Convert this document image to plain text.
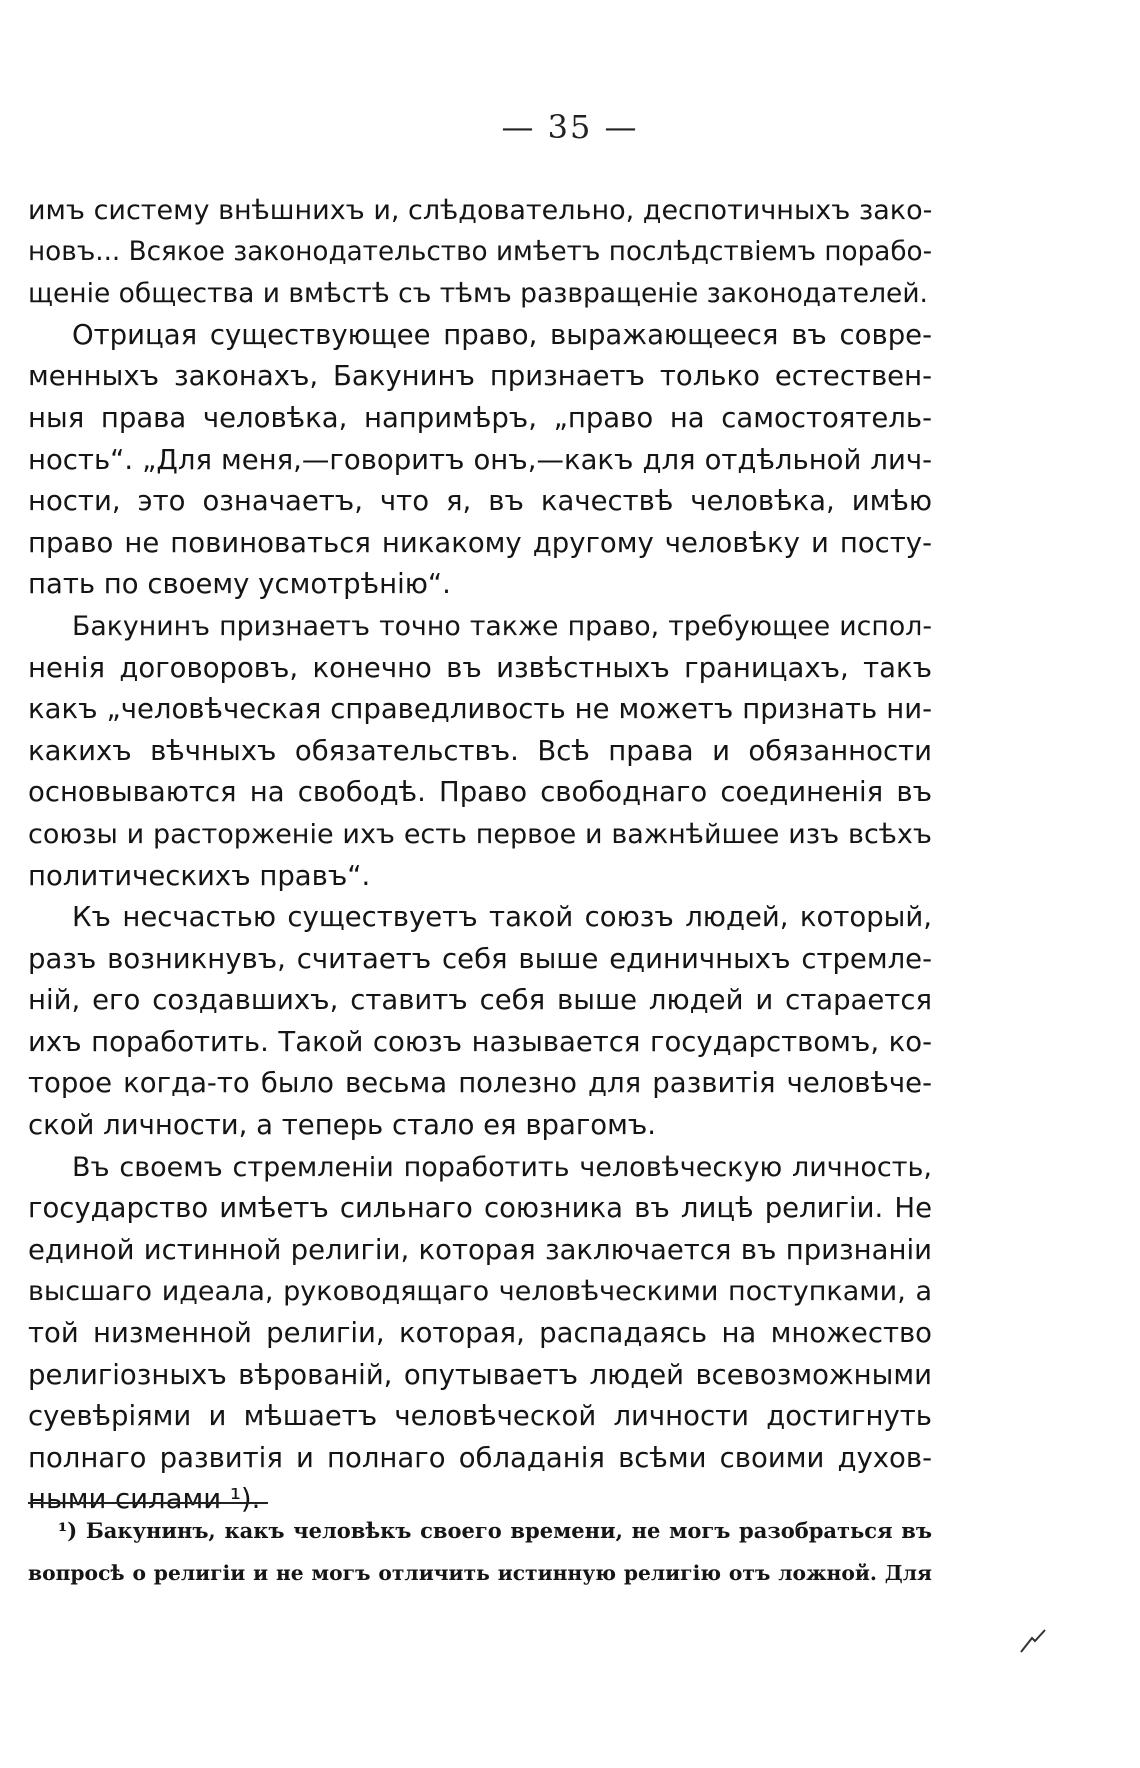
— 35 —
имъ систему внѣшнихъ и, слѣдовательно, деспотичныхъ зако-
новъ... Всякое законодательство имѣетъ послѣдствіемъ порабо-
щеніе общества и вмѣстѣ съ тѣмъ развращеніе законодателей.
Отрицая существующее право, выражающееся въ совре-
менныхъ законахъ, Бакунинъ признаетъ только естествен-
ныя права человѣка, напримѣръ, „право на самостоятель-
ность“. „Для меня,—говоритъ онъ,—какъ для отдѣльной лич-
ности, это означаетъ, что я, въ качествѣ человѣка, имѣю
право не повиноваться никакому другому человѣку и посту-
пать по своему усмотрѣнію“.
Бакунинъ признаетъ точно также право, требующее испол-
ненія договоровъ, конечно въ извѣстныхъ границахъ, такъ
какъ „человѣческая справедливость не можетъ признать ни-
какихъ вѣчныхъ обязательствъ. Всѣ права и обязанности
основываются на свободѣ. Право свободнаго соединенія въ
союзы и расторженіе ихъ есть первое и важнѣйшее изъ всѣхъ
политическихъ правъ“.
Къ несчастью существуетъ такой союзъ людей, который,
разъ возникнувъ, считаетъ себя выше единичныхъ стремле-
ній, его создавшихъ, ставитъ себя выше людей и старается
ихъ поработить. Такой союзъ называется государствомъ, ко-
торое когда-то было весьма полезно для развитія человѣче-
ской личности, а теперь стало ея врагомъ.
Въ своемъ стремленіи поработить человѣческую личность,
государство имѣетъ сильнаго союзника въ лицѣ религіи. Не
единой истинной религіи, которая заключается въ признаніи
высшаго идеала, руководящаго человѣческими поступками, а
той низменной религіи, которая, распадаясь на множество
религіозныхъ вѣрованій, опутываетъ людей всевозможными
суевѣріями и мѣшаетъ человѣческой личности достигнуть
полнаго развитія и полнаго обладанія всѣми своими духов-
ными силами ¹).
¹) Бакунинъ, какъ человѣкъ своего времени, не могъ разобраться въ
вопросѣ о религіи и не могъ отличить истинную религію отъ ложной. Для
